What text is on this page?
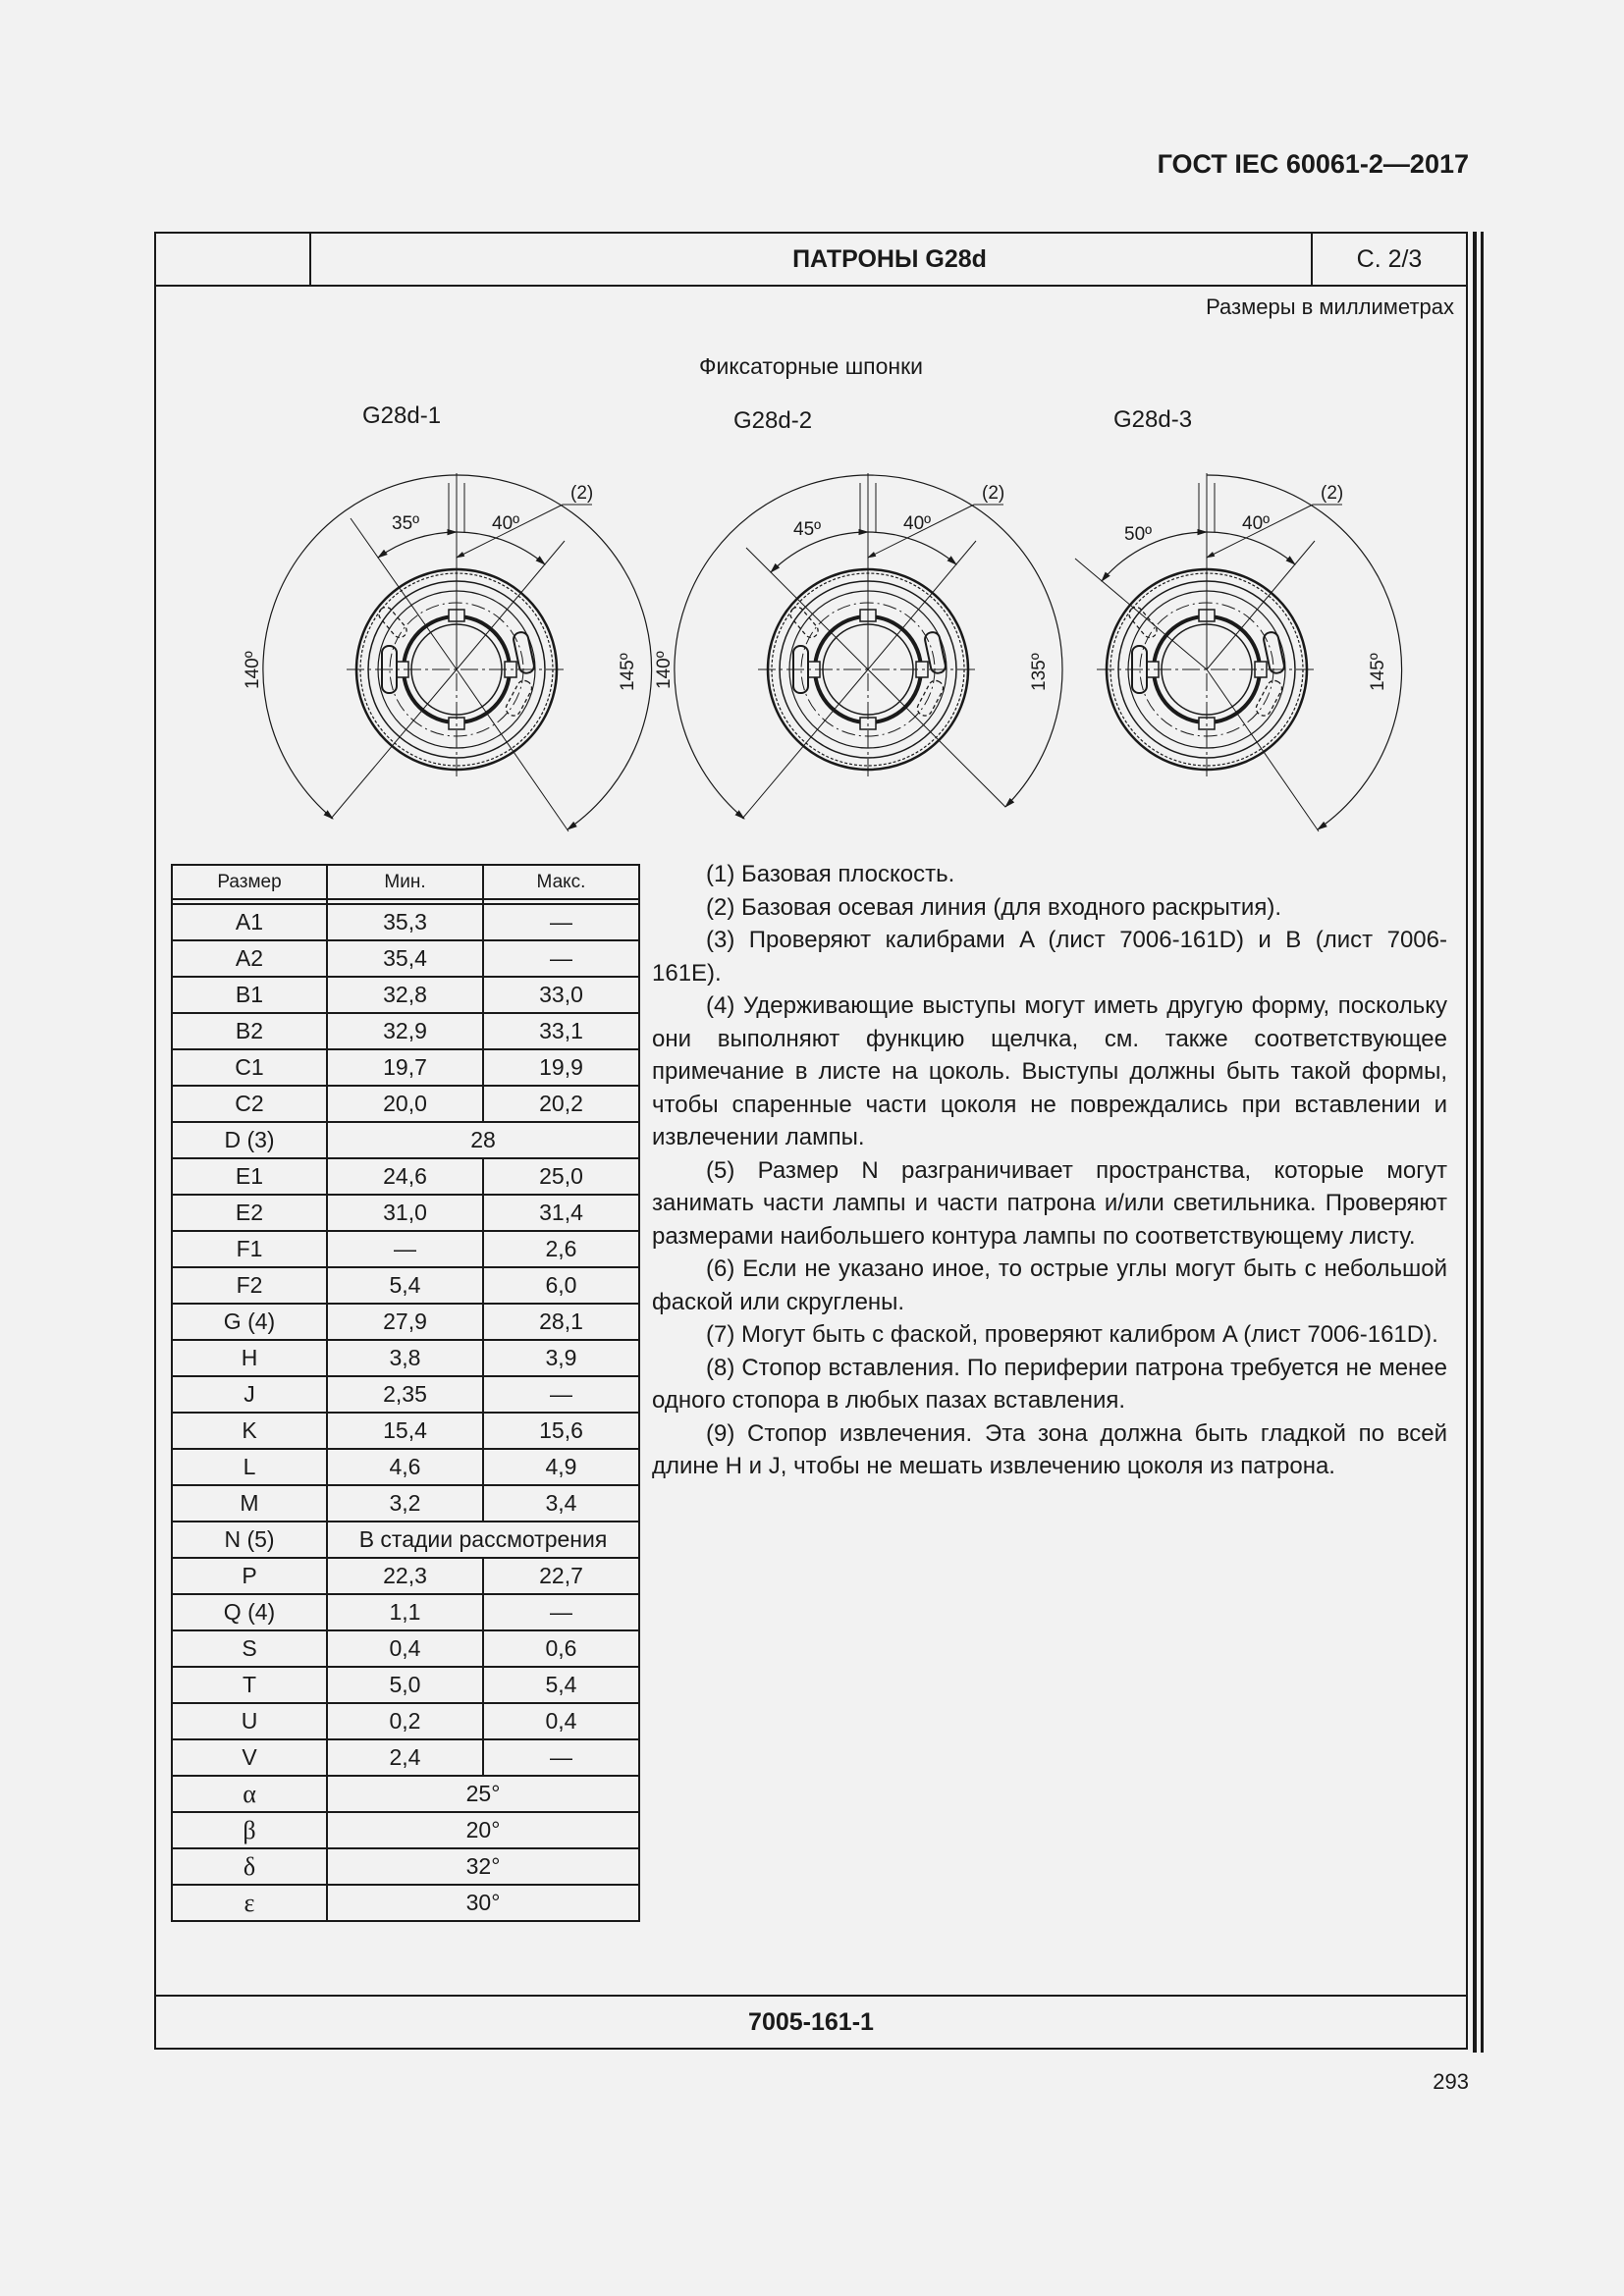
ГОСТ IEC 60061-2—2017
ПАТРОНЫ G28d	С. 2/3
Размеры в миллиметрах
Фиксаторные шпонки
G28d-1	G28d-2	G28d-3
(2)
35º	40º
140º	145º
(2)
45º	40º
140º	135º
(2)
50º
40º
145º
Размер	Мин.	Макс.

A1	35,3	—
A2	35,4	—
B1	32,8	33,0
B2	32,9	33,1
C1	19,7	19,9
C2	20,0	20,2
D (3)	28	
E1	24,6	25,0
E2	31,0	31,4
F1	—	2,6
F2	5,4	6,0
G (4)	27,9	28,1
H	3,8	3,9
J	2,35	—
K	15,4	15,6
L	4,6	4,9
M	3,2	3,4
N (5)	В стадии рассмотрения	
P	22,3	22,7
Q (4)	1,1	—
S	0,4	0,6
T	5,0	5,4
U	0,2	0,4
V	2,4	—
α	25°	
β	20°	
δ	32°	
ε	30°	

(1) Базовая плоскость.

(2) Базовая осевая линия (для входного раскрытия).

(3) Проверяют калибрами A (лист 7006-161D) и B (лист 7006-161E).

(4) Удерживающие выступы могут иметь другую форму, поскольку они выполняют функцию щелчка, см. также соответствующее примечание в листе на цоколь. Выступы должны быть такой формы, чтобы спаренные части цоколя не повреждались при вставлении и извлечении лампы.

(5) Размер N разграничивает пространства, которые могут занимать части лампы и части патрона и/или светильника. Проверяют размерами наибольшего контура лампы по соответствующему листу.

(6) Если не указано иное, то острые углы могут быть с небольшой фаской или скруглены.

(7) Могут быть с фаской, проверяют калибром A (лист 7006-161D).

(8) Стопор вставления. По периферии патрона требуется не менее одного стопора в любых пазах вставления.

(9) Стопор извлечения. Эта зона должна быть гладкой по всей длине H и J, чтобы не мешать извлечению цоколя из патрона.

7005-161-1
293
